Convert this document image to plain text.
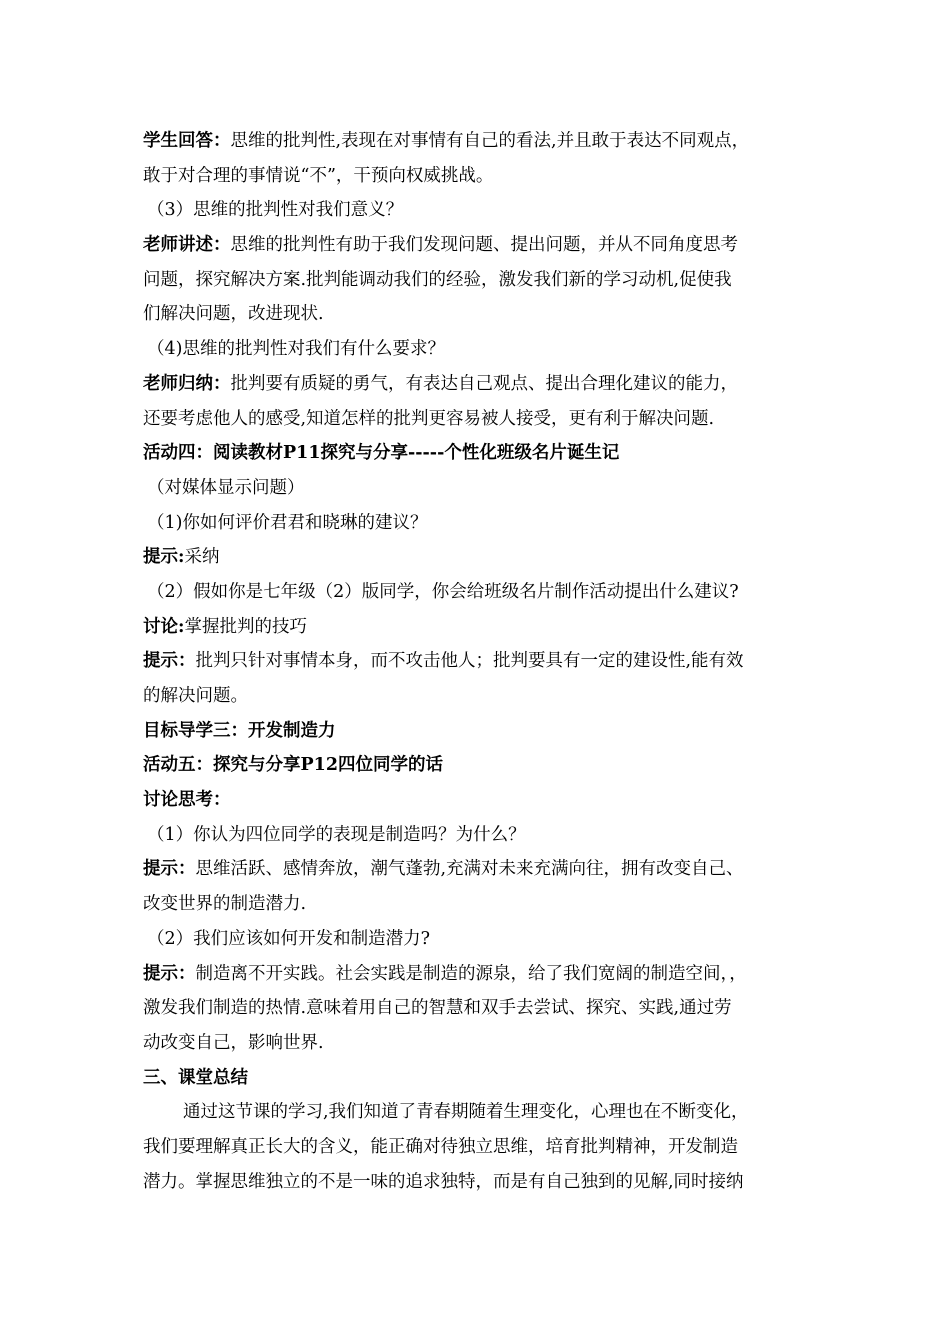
学生回答：思维的批判性,表现在对事情有自己的看法,并且敢于表达不同观点，
敢于对合理的事情说“不”，干预向权威挑战。
（3）思维的批判性对我们意义？
老师讲述：思维的批判性有助于我们发现问题、提出问题，并从不同角度思考
问题，探究解决方案.批判能调动我们的经验，激发我们新的学习动机,促使我
们解决问题，改进现状.
（4)思维的批判性对我们有什么要求？
老师归纳：批判要有质疑的勇气，有表达自己观点、提出合理化建议的能力，
还要考虑他人的感受,知道怎样的批判更容易被人接受，更有利于解决问题.
活动四：阅读教材P11探究与分享-----个性化班级名片诞生记
（对媒体显示问题）
（1)你如何评价君君和晓琳的建议？
提示:采纳
（2）假如你是七年级（2）版同学，你会给班级名片制作活动提出什么建议?
讨论:掌握批判的技巧
提示：批判只针对事情本身，而不攻击他人；批判要具有一定的建设性,能有效
的解决问题。
目标导学三：开发制造力
活动五：探究与分享P12四位同学的话
讨论思考：
（1）你认为四位同学的表现是制造吗？为什么？
提示：思维活跃、感情奔放，潮气蓬勃,充满对未来充满向往，拥有改变自己、
改变世界的制造潜力.
（2）我们应该如何开发和制造潜力?
提示：制造离不开实践。社会实践是制造的源泉，给了我们宽阔的制造空间，，
激发我们制造的热情.意味着用自己的智慧和双手去尝试、探究、实践,通过劳
动改变自己，影响世界.
三、课堂总结
通过这节课的学习,我们知道了青春期随着生理变化，心理也在不断变化，
我们要理解真正长大的含义，能正确对待独立思维，培育批判精神，开发制造
潜力。掌握思维独立的不是一味的追求独特，而是有自己独到的见解,同时接纳
